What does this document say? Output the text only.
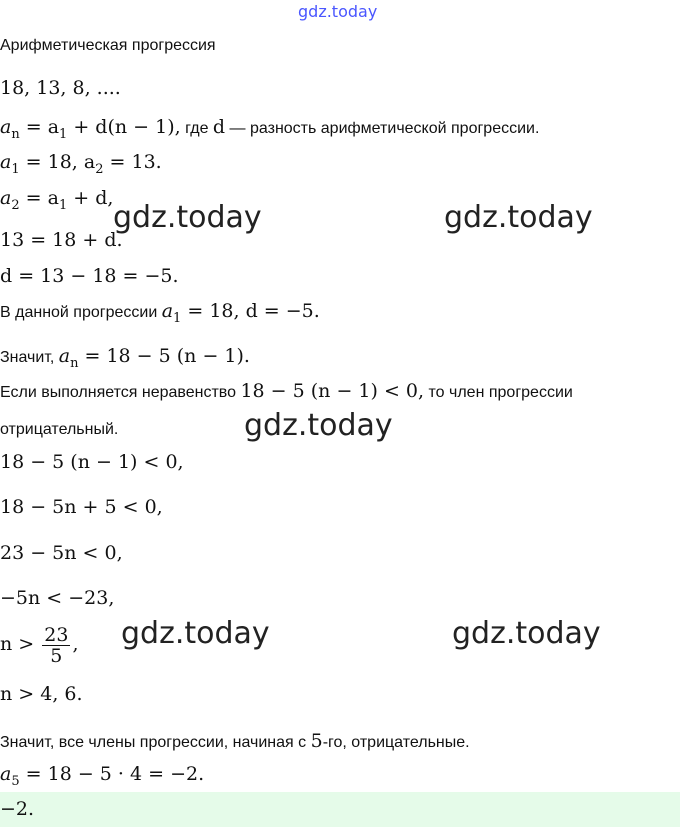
gdz.today
Арифметическая прогрессия
18, 13, 8, ....
$a_n = a_1 + d(n - 1)$, где d — разность арифметической прогрессии.
$a_1 = 18$, $a_2 = 13$.
$a_2 = a_1 + d$,
13 = 18 + d.
d = 13 − 18 = −5.
В данной прогрессии $a_1 = 18$, d = −5.
Значит, $a_n = 18 - 5$ (n − 1).
Если выполняется неравенство 18 − 5 (n − 1) < 0, то член прогрессии
отрицательный.
18 − 5 (n − 1) < 0,
18 − 5n + 5 < 0,
23 − 5n < 0,
−5n < −23,
$n > \frac{23}{5}$ ,
n > 4, 6.
Значит, все члены прогрессии, начиная с 5-го, отрицательные.
$a_5 = 18 - 5 \cdot 4 = -2$.
−2.
gdz.today	gdz.today
gdz.today
gdz.today	gdz.today
